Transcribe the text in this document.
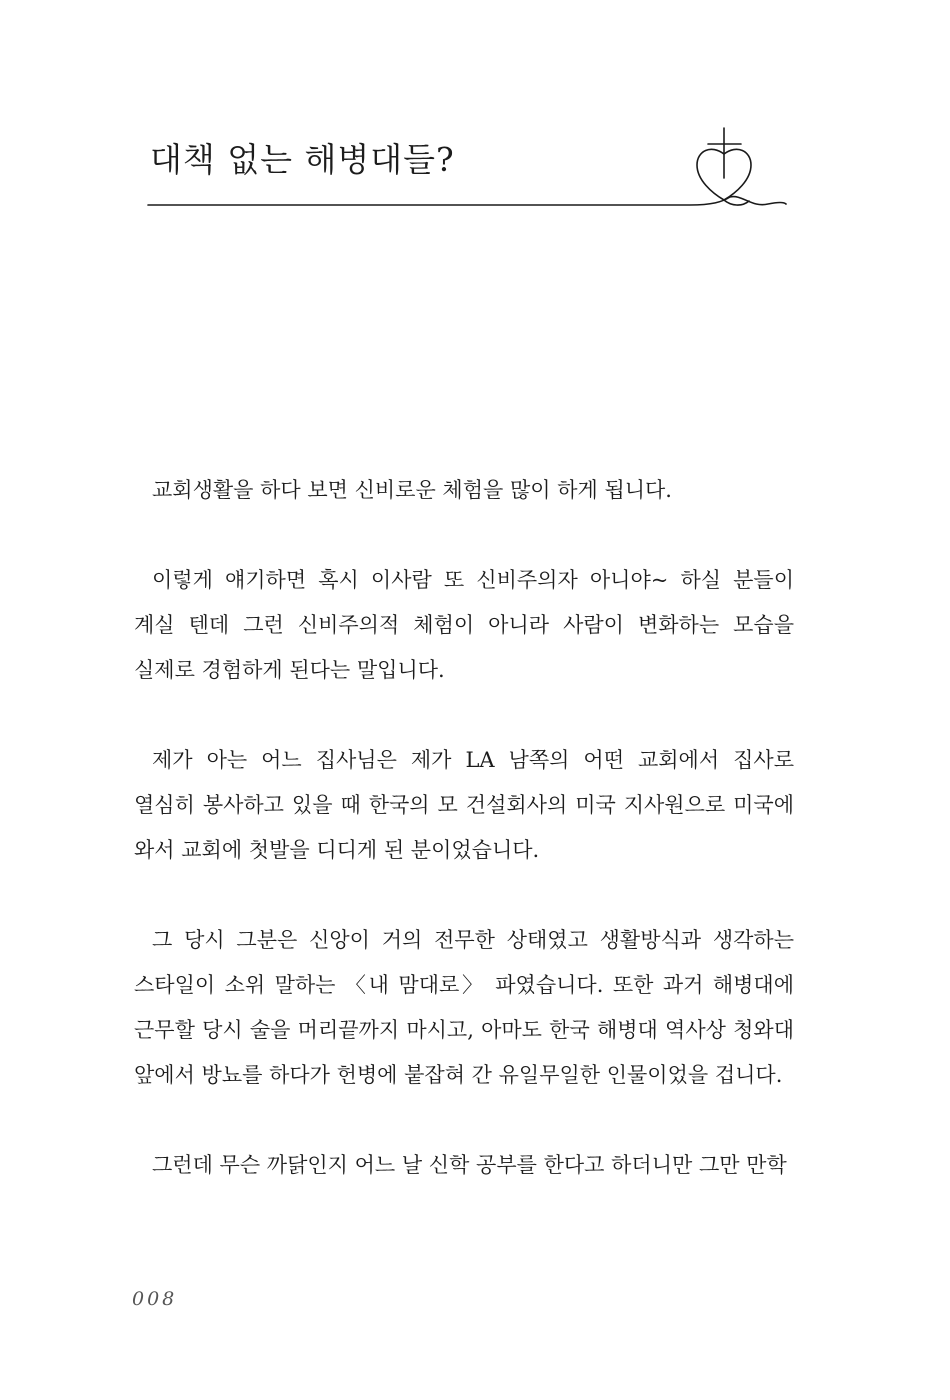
대책 없는 해병대들?

교회생활을 하다 보면 신비로운 체험을 많이 하게 됩니다.

이렇게 얘기하면 혹시 이사람 또 신비주의자 아니야~ 하실 분들이 계실 텐데 그런 신비주의적 체험이 아니라 사람이 변화하는 모습을 실제로 경험하게 된다는 말입니다.

제가 아는 어느 집사님은 제가 LA 남쪽의 어떤 교회에서 집사로 열심히 봉사하고 있을 때 한국의 모 건설회사의 미국 지사원으로 미국에 와서 교회에 첫발을 디디게 된 분이었습니다.

그 당시 그분은 신앙이 거의 전무한 상태였고 생활방식과 생각하는 스타일이 소위 말하는 〈내 맘대로〉 파였습니다. 또한 과거 해병대에 근무할 당시 술을 머리끝까지 마시고, 아마도 한국 해병대 역사상 청와대 앞에서 방뇨를 하다가 헌병에 붙잡혀 간 유일무일한 인물이었을 겁니다.

그런데 무슨 까닭인지 어느 날 신학 공부를 한다고 하더니만 그만 만학

008
